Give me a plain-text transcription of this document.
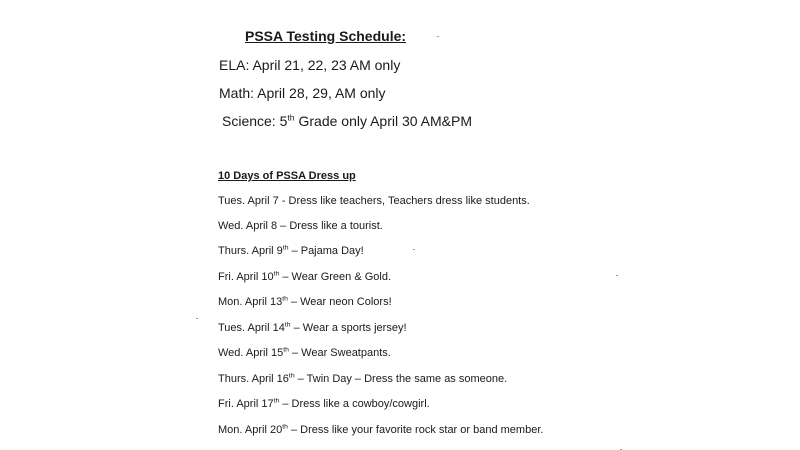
PSSA Testing Schedule:
ELA: April 21, 22, 23 AM only
Math: April 28, 29, AM only
Science: 5th Grade only April 30 AM&PM
10 Days of PSSA Dress up
Tues. April 7 - Dress like teachers, Teachers dress like students.
Wed. April 8 – Dress like a tourist.
Thurs. April 9th – Pajama Day!
Fri. April 10th – Wear Green & Gold.
Mon. April 13th – Wear neon Colors!
Tues. April 14th – Wear a sports jersey!
Wed. April 15th – Wear Sweatpants.
Thurs. April 16th – Twin Day – Dress the same as someone.
Fri. April 17th – Dress like a cowboy/cowgirl.
Mon. April 20th – Dress like your favorite rock star or band member.
